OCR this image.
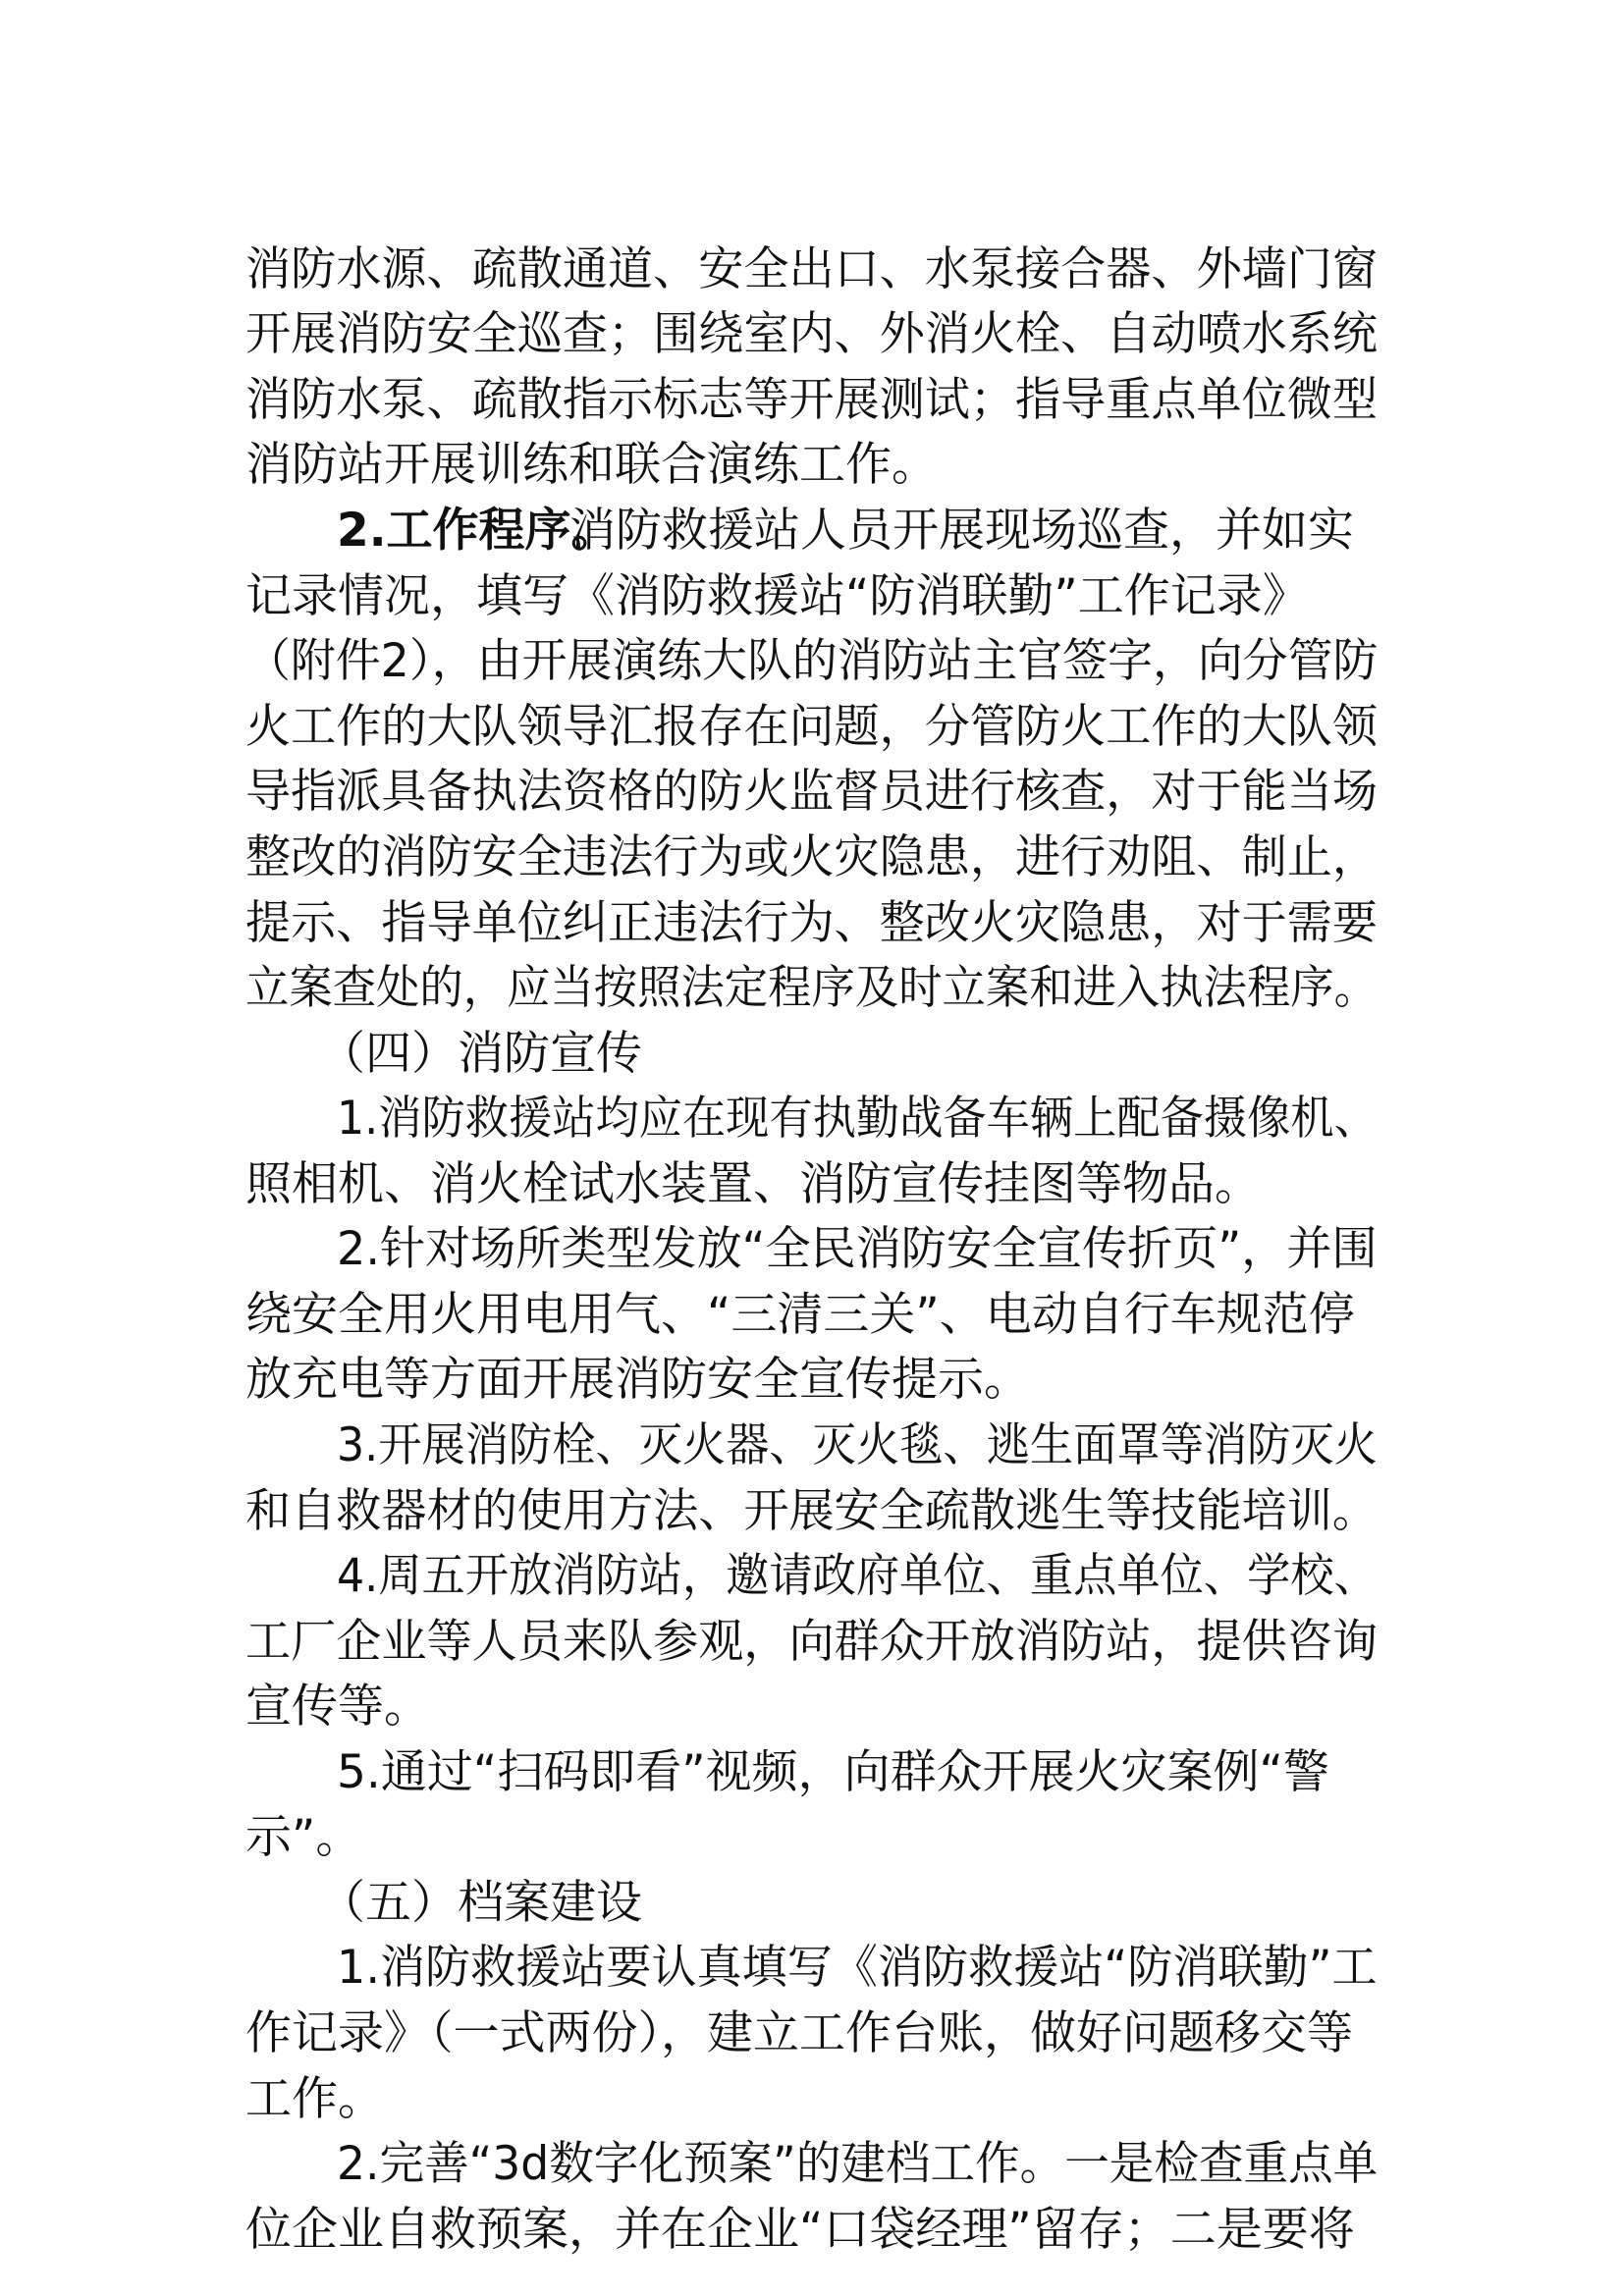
消防水源、疏散通道、安全出口、水泵接合器、外墙门窗
开展消防安全巡查；围绕室内、外消火栓、自动喷水系统
消防水泵、疏散指示标志等开展测试；指导重点单位微型
消防站开展训练和联合演练工作。
2.工作程序。
消防救援站人员开展现场巡查，并如实
记录情况，填写《消防救援站“防消联勤”工作记录》
（附件2），由开展演练大队的消防站主官签字，向分管防
火工作的大队领导汇报存在问题，分管防火工作的大队领
导指派具备执法资格的防火监督员进行核查，对于能当场
整改的消防安全违法行为或火灾隐患，进行劝阻、制止，
提示、指导单位纠正违法行为、整改火灾隐患，对于需要
立案查处的，应当按照法定程序及时立案和进入执法程序。
（四）消防宣传
1.消防救援站均应在现有执勤战备车辆上配备摄像机、
照相机、消火栓试水装置、消防宣传挂图等物品。
2.针对场所类型发放“全民消防安全宣传折页”，并围
绕安全用火用电用气、“三清三关”、电动自行车规范停
放充电等方面开展消防安全宣传提示。
3.开展消防栓、灭火器、灭火毯、逃生面罩等消防灭火
和自救器材的使用方法、开展安全疏散逃生等技能培训。
4.周五开放消防站，邀请政府单位、重点单位、学校、
工厂企业等人员来队参观，向群众开放消防站，提供咨询
宣传等。
5.通过“扫码即看”视频，向群众开展火灾案例“警
示”。
（五）档案建设
1.消防救援站要认真填写《消防救援站“防消联勤”工
作记录》（一式两份），建立工作台账，做好问题移交等
工作。
2.完善“3d数字化预案”的建档工作。一是检查重点单
位企业自救预案，并在企业“口袋经理”留存；二是要将
